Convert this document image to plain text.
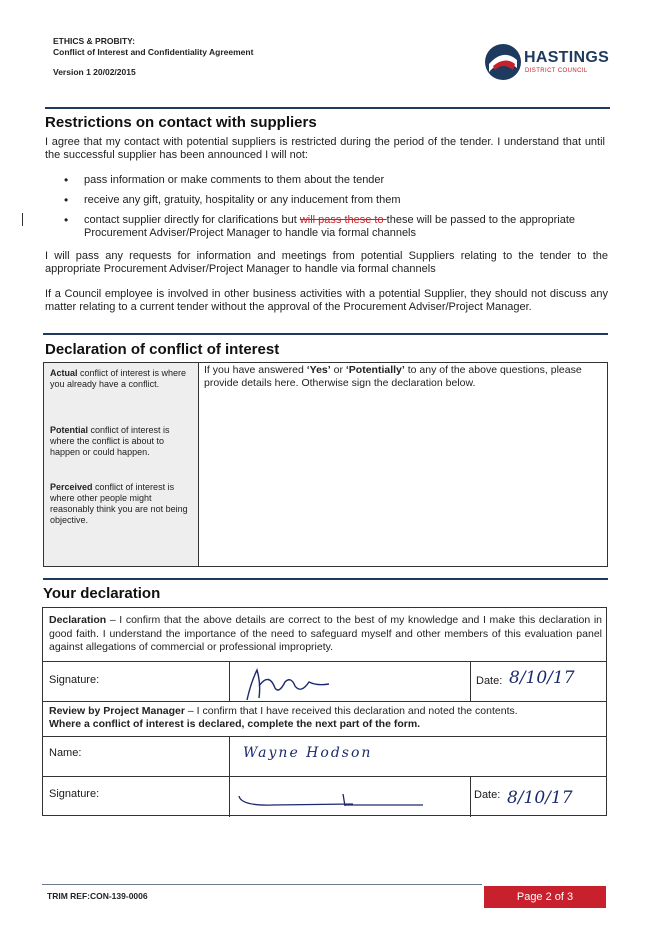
ETHICS & PROBITY:
Conflict of Interest and Confidentiality Agreement
Version 1 20/02/2015
HASTINGS
DISTRICT COUNCIL
Restrictions on contact with suppliers
I agree that my contact with potential suppliers is restricted during the period of the tender. I understand that until the successful supplier has been announced I will not:
• pass information or make comments to them about the tender
• receive any gift, gratuity, hospitality or any inducement from them
• contact supplier directly for clarifications but will pass these to these will be passed to the appropriate Procurement Adviser/Project Manager to handle via formal channels
I will pass any requests for information and meetings from potential Suppliers relating to the tender to the appropriate Procurement Adviser/Project Manager to handle via formal channels
If a Council employee is involved in other business activities with a potential Supplier, they should not discuss any matter relating to a current tender without the approval of the Procurement Adviser/Project Manager.
Declaration of conflict of interest
Actual conflict of interest is where you already have a conflict.
Potential conflict of interest is where the conflict is about to happen or could happen.
Perceived conflict of interest is where other people might reasonably think you are not being objective.
If you have answered ‘Yes’ or ‘Potentially’ to any of the above questions, please provide details here. Otherwise sign the declaration below.
Your declaration
Declaration – I confirm that the above details are correct to the best of my knowledge and I make this declaration in good faith. I understand the importance of the need to safeguard myself and other members of this evaluation panel against allegations of commercial or professional impropriety.
Signature:	Date: 8/10/17
Review by Project Manager – I confirm that I have received this declaration and noted the contents.
Where a conflict of interest is declared, complete the next part of the form.
Name:	Wayne Hodson
Signature:	Date: 8/10/17
TRIM REF:CON-139-0006	Page 2 of 3
